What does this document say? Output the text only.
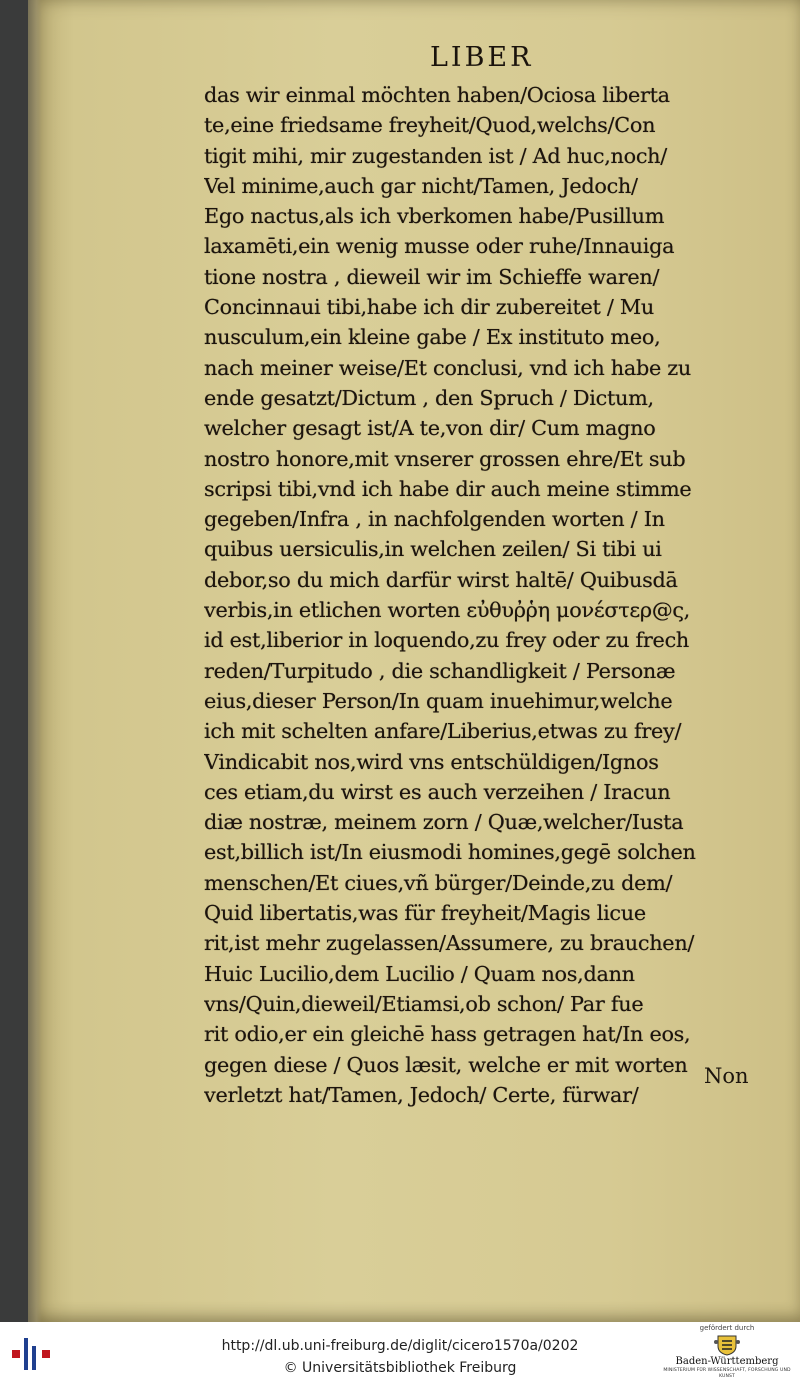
LIBER
das wir einmal möchten haben/Ociosa liberta
te,eine friedsame freyheit/Quod,welchs/Con
tigit mihi, mir zugestanden ist / Ad huc,noch/
Vel minime,auch gar nicht/Tamen, Jedoch/
Ego nactus,als ich vberkomen habe/Pusillum
laxamēti,ein wenig musse oder ruhe/Innauiga
tione nostra , dieweil wir im Schieffe waren/
Concinnaui tibi,habe ich dir zubereitet / Mu
nusculum,ein kleine gabe / Ex instituto meo,
nach meiner weise/Et conclusi, vnd ich habe zu
ende gesatzt/Dictum , den Spruch / Dictum,
welcher gesagt ist/A te,von dir/ Cum magno
nostro honore,mit vnserer grossen ehre/Et sub
scripsi tibi,vnd ich habe dir auch meine stimme
gegeben/Infra , in nachfolgenden worten / In
quibus uersiculis,in welchen zeilen/ Si tibi ui
debor,so du mich darfür wirst haltē/ Quibusdā
verbis,in etlichen worten εὐθυῤῥη μονέστερ@ς,
id est,liberior in loquendo,zu frey oder zu frech
reden/Turpitudo , die schandligkeit / Personæ
eius,dieser Person/In quam inuehimur,welche
ich mit schelten anfare/Liberius,etwas zu frey/
Vindicabit nos,wird vns entschüldigen/Ignos
ces etiam,du wirst es auch verzeihen / Iracun
diæ nostræ, meinem zorn / Quæ,welcher/Iusta
est,billich ist/In eiusmodi homines,gegē solchen
menschen/Et ciues,vñ bürger/Deinde,zu dem/
Quid libertatis,was für freyheit/Magis licue
rit,ist mehr zugelassen/Assumere, zu brauchen/
Huic Lucilio,dem Lucilio / Quam nos,dann
vns/Quin,dieweil/Etiamsi,ob schon/ Par fue
rit odio,er ein gleichē hass getragen hat/In eos,
gegen diese / Quos læsit, welche er mit worten
verletzt hat/Tamen, Jedoch/ Certe, fürwar/
Non
http://dl.ub.uni-freiburg.de/diglit/cicero1570a/0202
© Universitätsbibliothek Freiburg
gefördert durch
Baden-Württemberg
MINISTERIUM FÜR WISSENSCHAFT, FORSCHUNG UND KUNST
